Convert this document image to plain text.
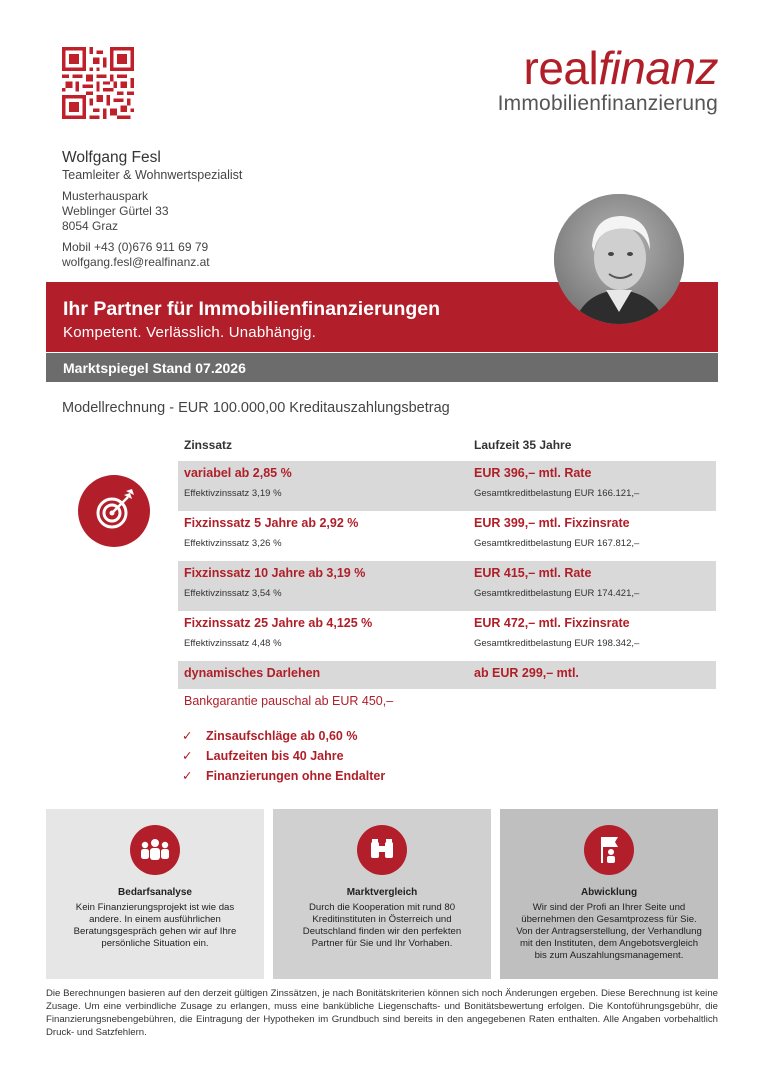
realfinanz
Immobilienfinanzierung
Wolfgang Fesl
Teamleiter & Wohnwertspezialist
Musterhauspark
Weblinger Gürtel 33
8054 Graz
Mobil +43 (0)676 911 69 79
wolfgang.fesl@realfinanz.at
Ihr Partner für Immobilienfinanzierungen
Kompetent. Verlässlich. Unabhängig.
Marktspiegel Stand 07.2026
Modellrechnung - EUR 100.000,00 Kreditauszahlungsbetrag
Zinssatz	Laufzeit 35 Jahre
variabel ab 2,85 %
Effektivzinssatz 3,19 %
EUR 396,– mtl. Rate
Gesamtkreditbelastung EUR 166.121,–
Fixzinssatz 5 Jahre ab 2,92 %
Effektivzinssatz 3,26 %
EUR 399,– mtl. Fixzinsrate
Gesamtkreditbelastung EUR 167.812,–
Fixzinssatz 10 Jahre ab 3,19 %
Effektivzinssatz 3,54 %
EUR 415,– mtl. Rate
Gesamtkreditbelastung EUR 174.421,–
Fixzinssatz 25 Jahre ab 4,125 %
Effektivzinssatz 4,48 %
EUR 472,– mtl. Fixzinsrate
Gesamtkreditbelastung EUR 198.342,–
dynamisches Darlehen	ab EUR 299,– mtl.
Bankgarantie pauschal ab EUR 450,–
✓ Zinsaufschläge ab 0,60 %
✓ Laufzeiten bis 40 Jahre
✓ Finanzierungen ohne Endalter
Bedarfsanalyse
Kein Finanzierungsprojekt ist wie das andere. In einem ausführlichen Beratungsgespräch gehen wir auf Ihre persönliche Situation ein.
Marktvergleich
Durch die Kooperation mit rund 80 Kreditinstituten in Österreich und Deutschland finden wir den perfekten Partner für Sie und Ihr Vorhaben.
Abwicklung
Wir sind der Profi an Ihrer Seite und übernehmen den Gesamtprozess für Sie. Von der Antragserstellung, der Verhandlung mit den Instituten, dem Angebotsvergleich bis zum Auszahlungsmanagement.
Die Berechnungen basieren auf den derzeit gültigen Zinssätzen, je nach Bonitätskriterien können sich noch Änderungen ergeben. Diese Berechnung ist keine Zusage. Um eine verbindliche Zusage zu erlangen, muss eine bankübliche Liegenschafts- und Bonitätsbewertung erfolgen. Die Kontoführungsgebühr, die Finanzierungsnebengebühren, die Eintragung der Hypotheken im Grundbuch sind bereits in den angegebenen Raten enthalten. Alle Angaben vorbehaltlich Druck- und Satzfehlern.
